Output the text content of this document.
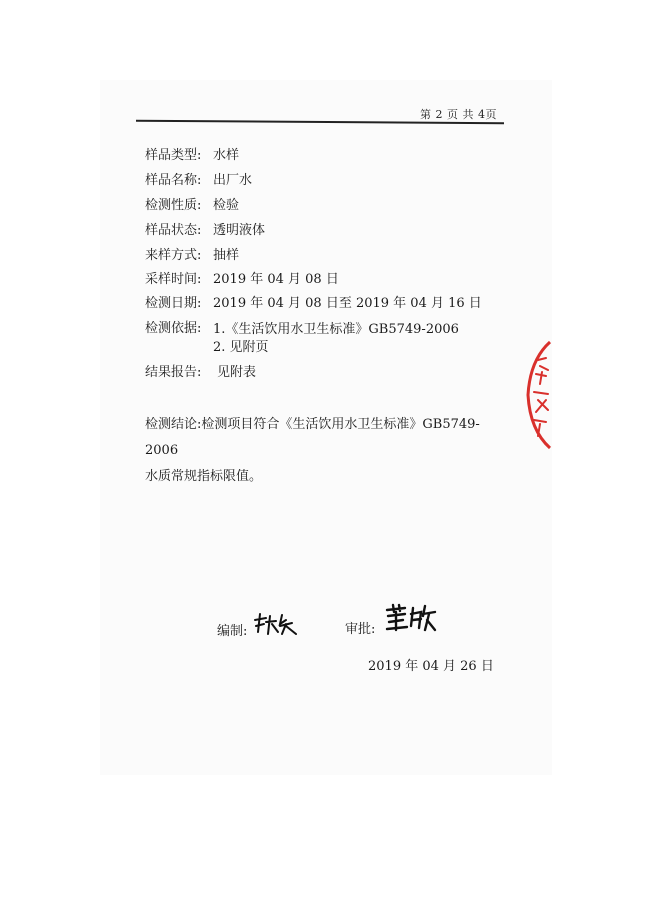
第 2 页 共 4页
样品类型: 水样
样品名称: 出厂水
检测性质: 检验
样品状态: 透明液体
来样方式: 抽样
采样时间: 2019 年 04 月 08 日
检测日期: 2019 年 04 月 08 日至 2019 年 04 月 16 日
检测依据: 1.《生活饮用水卫生标准》GB5749-2006
2. 见附页
结果报告: 见附表
检测结论:检测项目符合《生活饮用水卫生标准》GB5749-2006
水质常规指标限值。
编制:	审批:
2019 年 04 月 26 日
